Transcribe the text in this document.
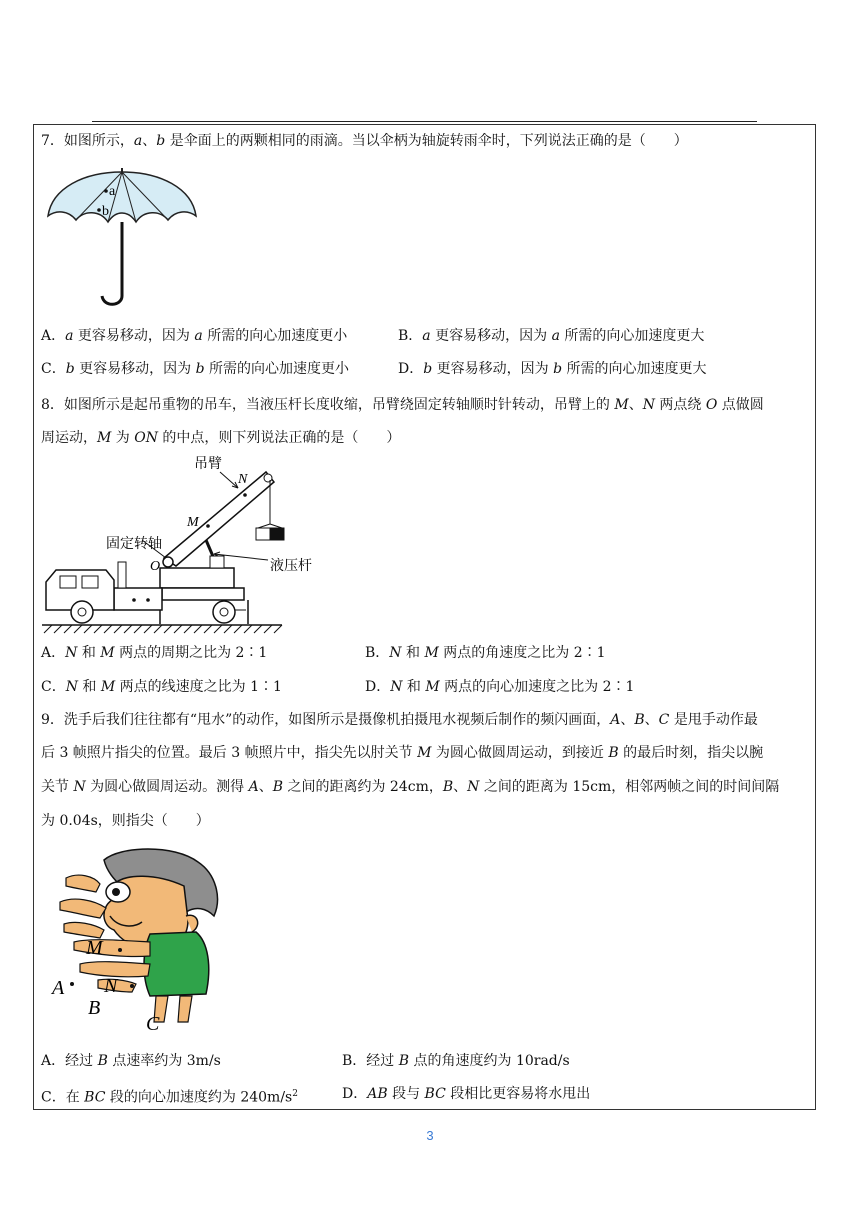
7．如图所示，a、b 是伞面上的两颗相同的雨滴。当以伞柄为轴旋转雨伞时，下列说法正确的是（　　）
a
b
A．a 更容易移动，因为 a 所需的向心加速度更小	B．a 更容易移动，因为 a 所需的向心加速度更大
C．b 更容易移动，因为 b 所需的向心加速度更小	D．b 更容易移动，因为 b 所需的向心加速度更大
8．如图所示是起吊重物的吊车，当液压杆长度收缩，吊臂绕固定转轴顺时针转动，吊臂上的 M、N 两点绕 O 点做圆
周运动，M 为 ON 的中点，则下列说法正确的是（　　）
吊臂
N
M
固定转轴
O	液压杆
A．N 和 M 两点的周期之比为 2∶1	B．N 和 M 两点的角速度之比为 2∶1
C．N 和 M 两点的线速度之比为 1∶1	D．N 和 M 两点的向心加速度之比为 2∶1
9．洗手后我们往往都有“甩水”的动作，如图所示是摄像机拍摄甩水视频后制作的频闪画面，A、B、C 是甩手动作最
后 3 帧照片指尖的位置。最后 3 帧照片中，指尖先以肘关节 M 为圆心做圆周运动，到接近 B 的最后时刻，指尖以腕
关节 N 为圆心做圆周运动。测得 A、B 之间的距离约为 24cm，B、N 之间的距离为 15cm，相邻两帧之间的时间间隔
为 0.04s，则指尖（　　）
M
N
A
B
C
A．经过 B 点速率约为 3m/s	B．经过 B 点的角速度约为 10rad/s
C．在 BC 段的向心加速度约为 $240m/s^2$	D．AB 段与 BC 段相比更容易将水甩出
3
